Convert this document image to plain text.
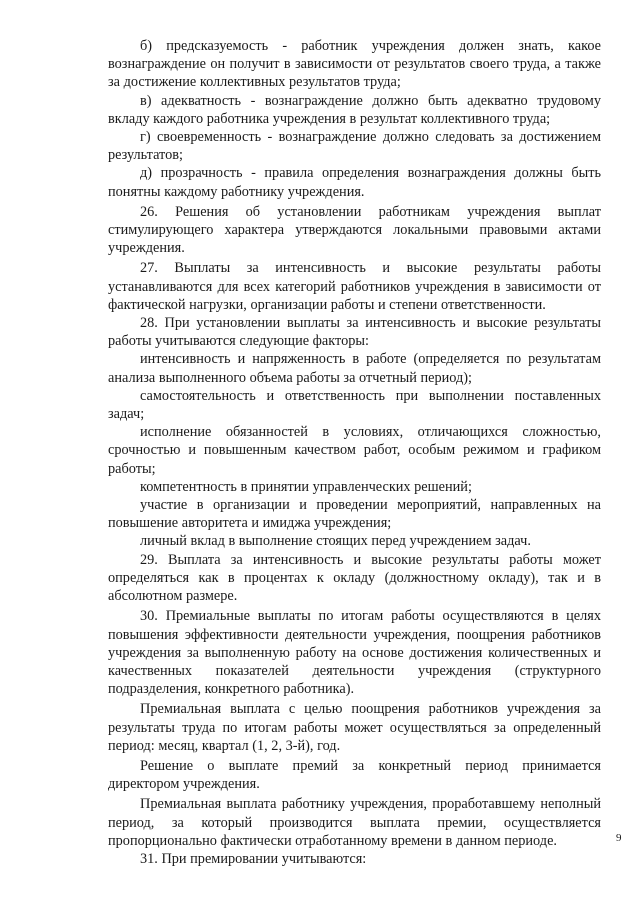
б) предсказуемость - работник учреждения должен знать, какое вознаграждение он получит в зависимости от результатов своего труда, а также за достижение коллективных результатов труда;

в) адекватность - вознаграждение должно быть адекватно трудовому вкладу каждого работника учреждения в результат коллективного труда;

г) своевременность - вознаграждение должно следовать за достижением результатов;

д) прозрачность - правила определения вознаграждения должны быть понятны каждому работнику учреждения.

26. Решения об установлении работникам учреждения выплат стимулирующего характера утверждаются локальными правовыми актами учреждения.

27. Выплаты за интенсивность и высокие результаты работы устанавливаются для всех категорий работников учреждения в зависимости от фактической нагрузки, организации работы и степени ответственности.

28. При установлении выплаты за интенсивность и высокие результаты работы учитываются следующие факторы:

интенсивность и напряженность в работе (определяется по результатам анализа выполненного объема работы за отчетный период);

самостоятельность и ответственность при выполнении поставленных задач;

исполнение обязанностей в условиях, отличающихся сложностью, срочностью и повышенным качеством работ, особым режимом и графиком работы;

компетентность в принятии управленческих решений;

участие в организации и проведении мероприятий, направленных на повышение авторитета и имиджа учреждения;

личный вклад в выполнение стоящих перед учреждением задач.

29. Выплата за интенсивность и высокие результаты работы может определяться как в процентах к окладу (должностному окладу), так и в абсолютном размере.

30. Премиальные выплаты по итогам работы осуществляются в целях повышения эффективности деятельности учреждения, поощрения работников учреждения за выполненную работу на основе достижения количественных и качественных показателей деятельности учреждения (структурного подразделения, конкретного работника).

Премиальная выплата с целью поощрения работников учреждения за результаты труда по итогам работы может осуществляться за определенный период: месяц, квартал (1, 2, 3-й), год.

Решение о выплате премий за конкретный период принимается директором учреждения.

Премиальная выплата работнику учреждения, проработавшему неполный период, за который производится выплата премии, осуществляется пропорционально фактически отработанному времени в данном периоде.

31. При премировании учитываются:

9
